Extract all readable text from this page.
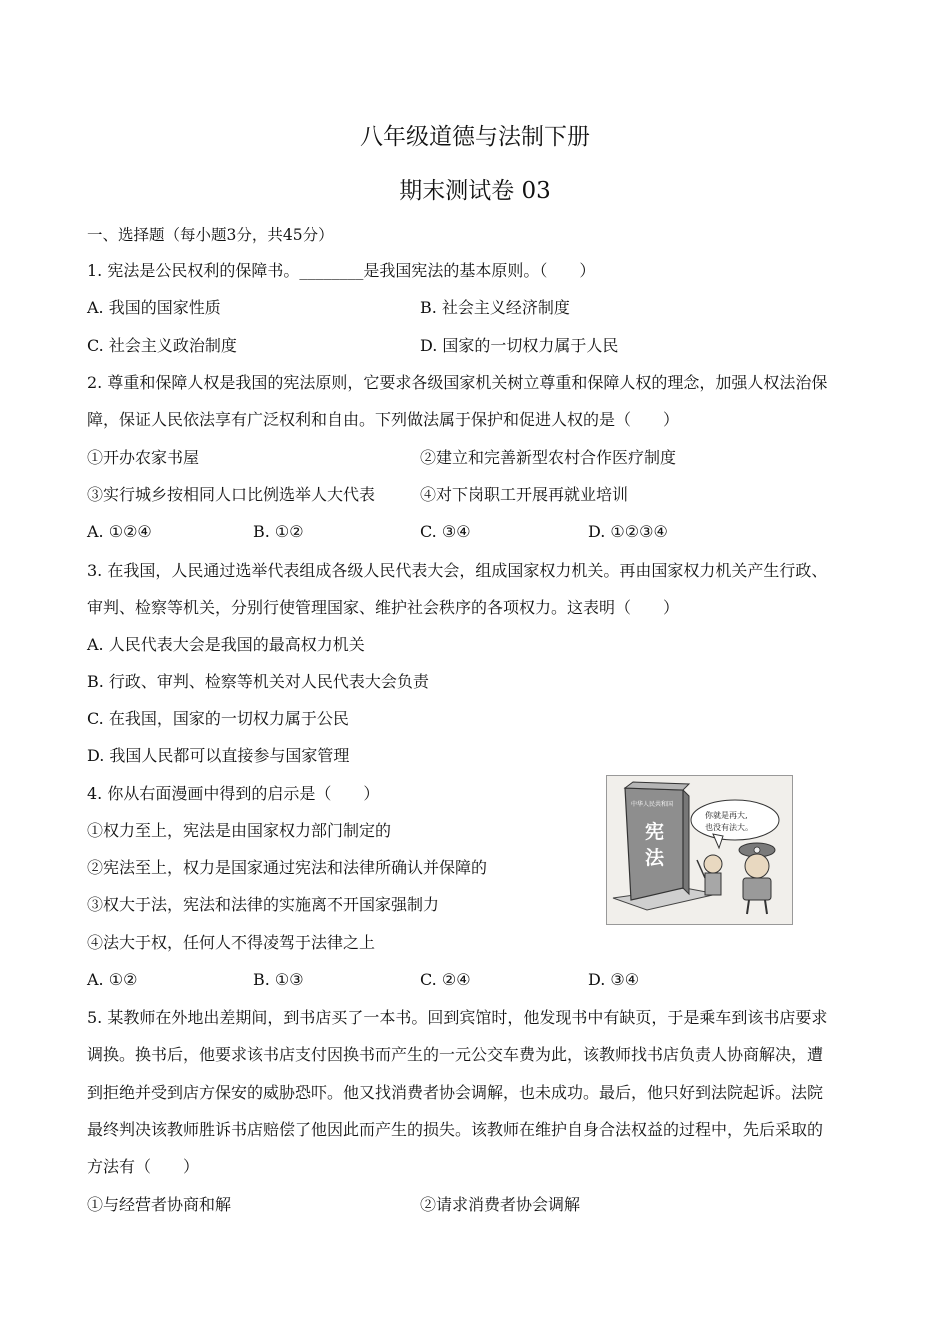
八年级道德与法制下册
期末测试卷 03
一、选择题（每小题3分，共45分）
1. 宪法是公民权利的保障书。________是我国宪法的基本原则。（　　）
A. 我国的国家性质	B. 社会主义经济制度
C. 社会主义政治制度	D. 国家的一切权力属于人民
2. 尊重和保障人权是我国的宪法原则，它要求各级国家机关树立尊重和保障人权的理念，加强人权法治保
障，保证人民依法享有广泛权利和自由。下列做法属于保护和促进人权的是（　　）
①开办农家书屋	②建立和完善新型农村合作医疗制度
③实行城乡按相同人口比例选举人大代表	④对下岗职工开展再就业培训
A. ①②④	B. ①②	C. ③④	D. ①②③④
3. 在我国，人民通过选举代表组成各级人民代表大会，组成国家权力机关。再由国家权力机关产生行政、
审判、检察等机关，分别行使管理国家、维护社会秩序的各项权力。这表明（　　）
A. 人民代表大会是我国的最高权力机关
B. 行政、审判、检察等机关对人民代表大会负责
C. 在我国，国家的一切权力属于公民
D. 我国人民都可以直接参与国家管理
4. 你从右面漫画中得到的启示是（　　）
①权力至上，宪法是由国家权力部门制定的
②宪法至上，权力是国家通过宪法和法律所确认并保障的
③权大于法，宪法和法律的实施离不开国家强制力
④法大于权，任何人不得凌驾于法律之上
A. ①②	B. ①③	C. ②④	D. ③④
中华人民共和国
宪
法
你就是再大,
也没有法大。
5. 某教师在外地出差期间，到书店买了一本书。回到宾馆时，他发现书中有缺页，于是乘车到该书店要求
调换。换书后，他要求该书店支付因换书而产生的一元公交车费为此，该教师找书店负责人协商解决，遭
到拒绝并受到店方保安的威胁恐吓。他又找消费者协会调解，也未成功。最后，他只好到法院起诉。法院
最终判决该教师胜诉书店赔偿了他因此而产生的损失。该教师在维护自身合法权益的过程中，先后采取的
方法有（　　）
①与经营者协商和解	②请求消费者协会调解
